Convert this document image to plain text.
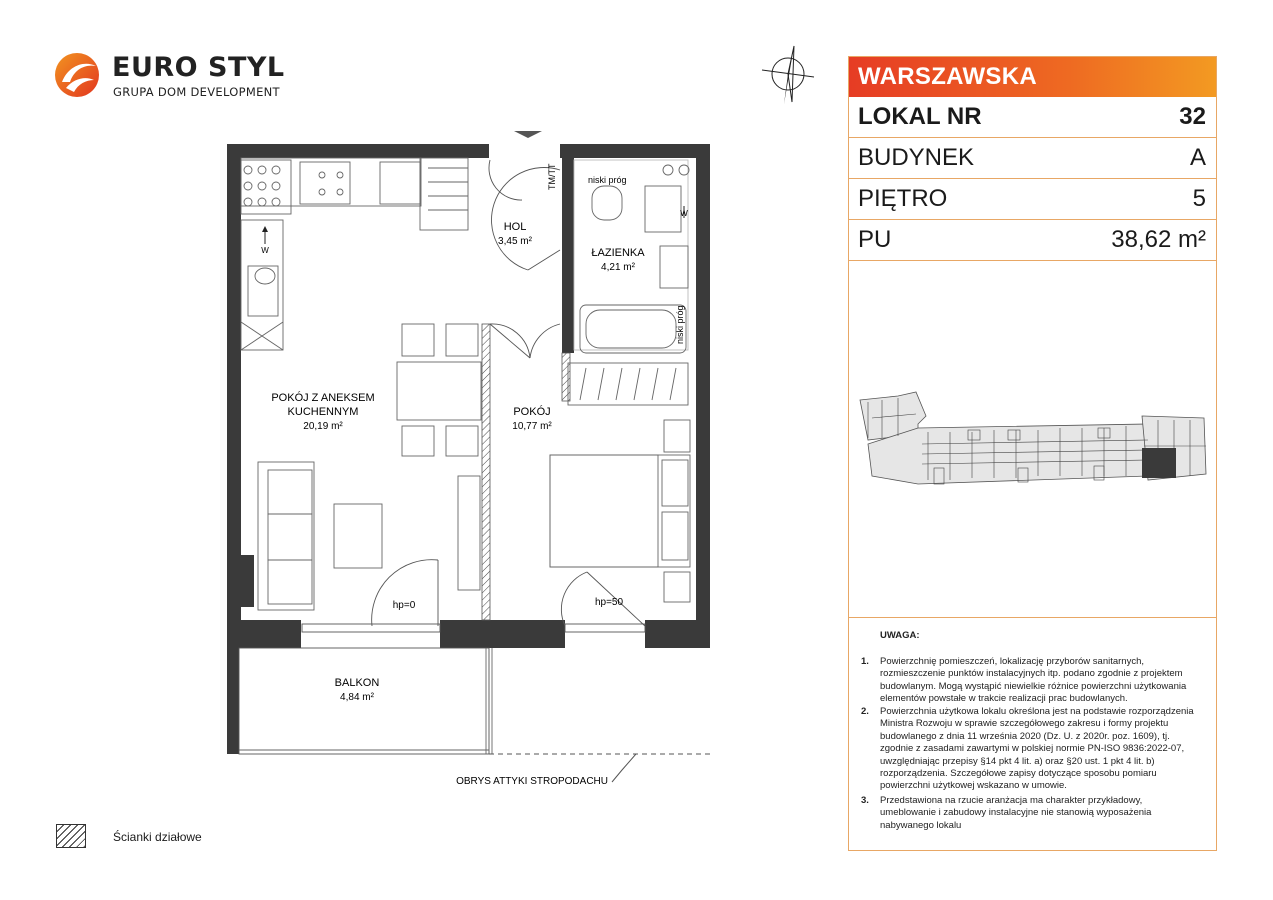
EURO STYL
GRUPA DOM DEVELOPMENT
HOL
3,45 m²
ŁAZIENKA
4,21 m²
POKÓJ Z ANEKSEM
KUCHENNYM
20,19 m²
POKÓJ
10,77 m²
BALKON
4,84 m²
TM/TT	niski próg
niski próg
hp=0	hp=50
W
W
OBRYS ATTYKI STROPODACHU
WARSZAWSKA
LOKAL NR	32
BUDYNEK	A
PIĘTRO	5
PU	38,62 m²
UWAGA:
1. Powierzchnię pomieszczeń, lokalizację przyborów sanitarnych,
rozmieszczenie punktów instalacyjnych itp. podano zgodnie z projektem
budowlanym. Mogą wystąpić niewielkie różnice powierzchni użytkowania
elementów powstałe w trakcie realizacji prac budowlanych.
2. Powierzchnia użytkowa lokalu określona jest na podstawie rozporządzenia
Ministra Rozwoju w sprawie szczegółowego zakresu i formy projektu
budowlanego z dnia 11 września 2020 (Dz. U. z 2020r. poz. 1609), tj.
zgodnie z zasadami zawartymi w polskiej normie PN-ISO 9836:2022-07,
uwzględniając przepisy §14 pkt 4 lit. a) oraz §20 ust. 1 pkt 4 lit. b)
rozporządzenia. Szczegółowe zapisy dotyczące sposobu pomiaru
powierzchni użytkowej wskazano w umowie.
3. Przedstawiona na rzucie aranżacja ma charakter przykładowy,
umeblowanie i zabudowy instalacyjne nie stanowią wyposażenia
nabywanego lokalu
Ścianki działowe
